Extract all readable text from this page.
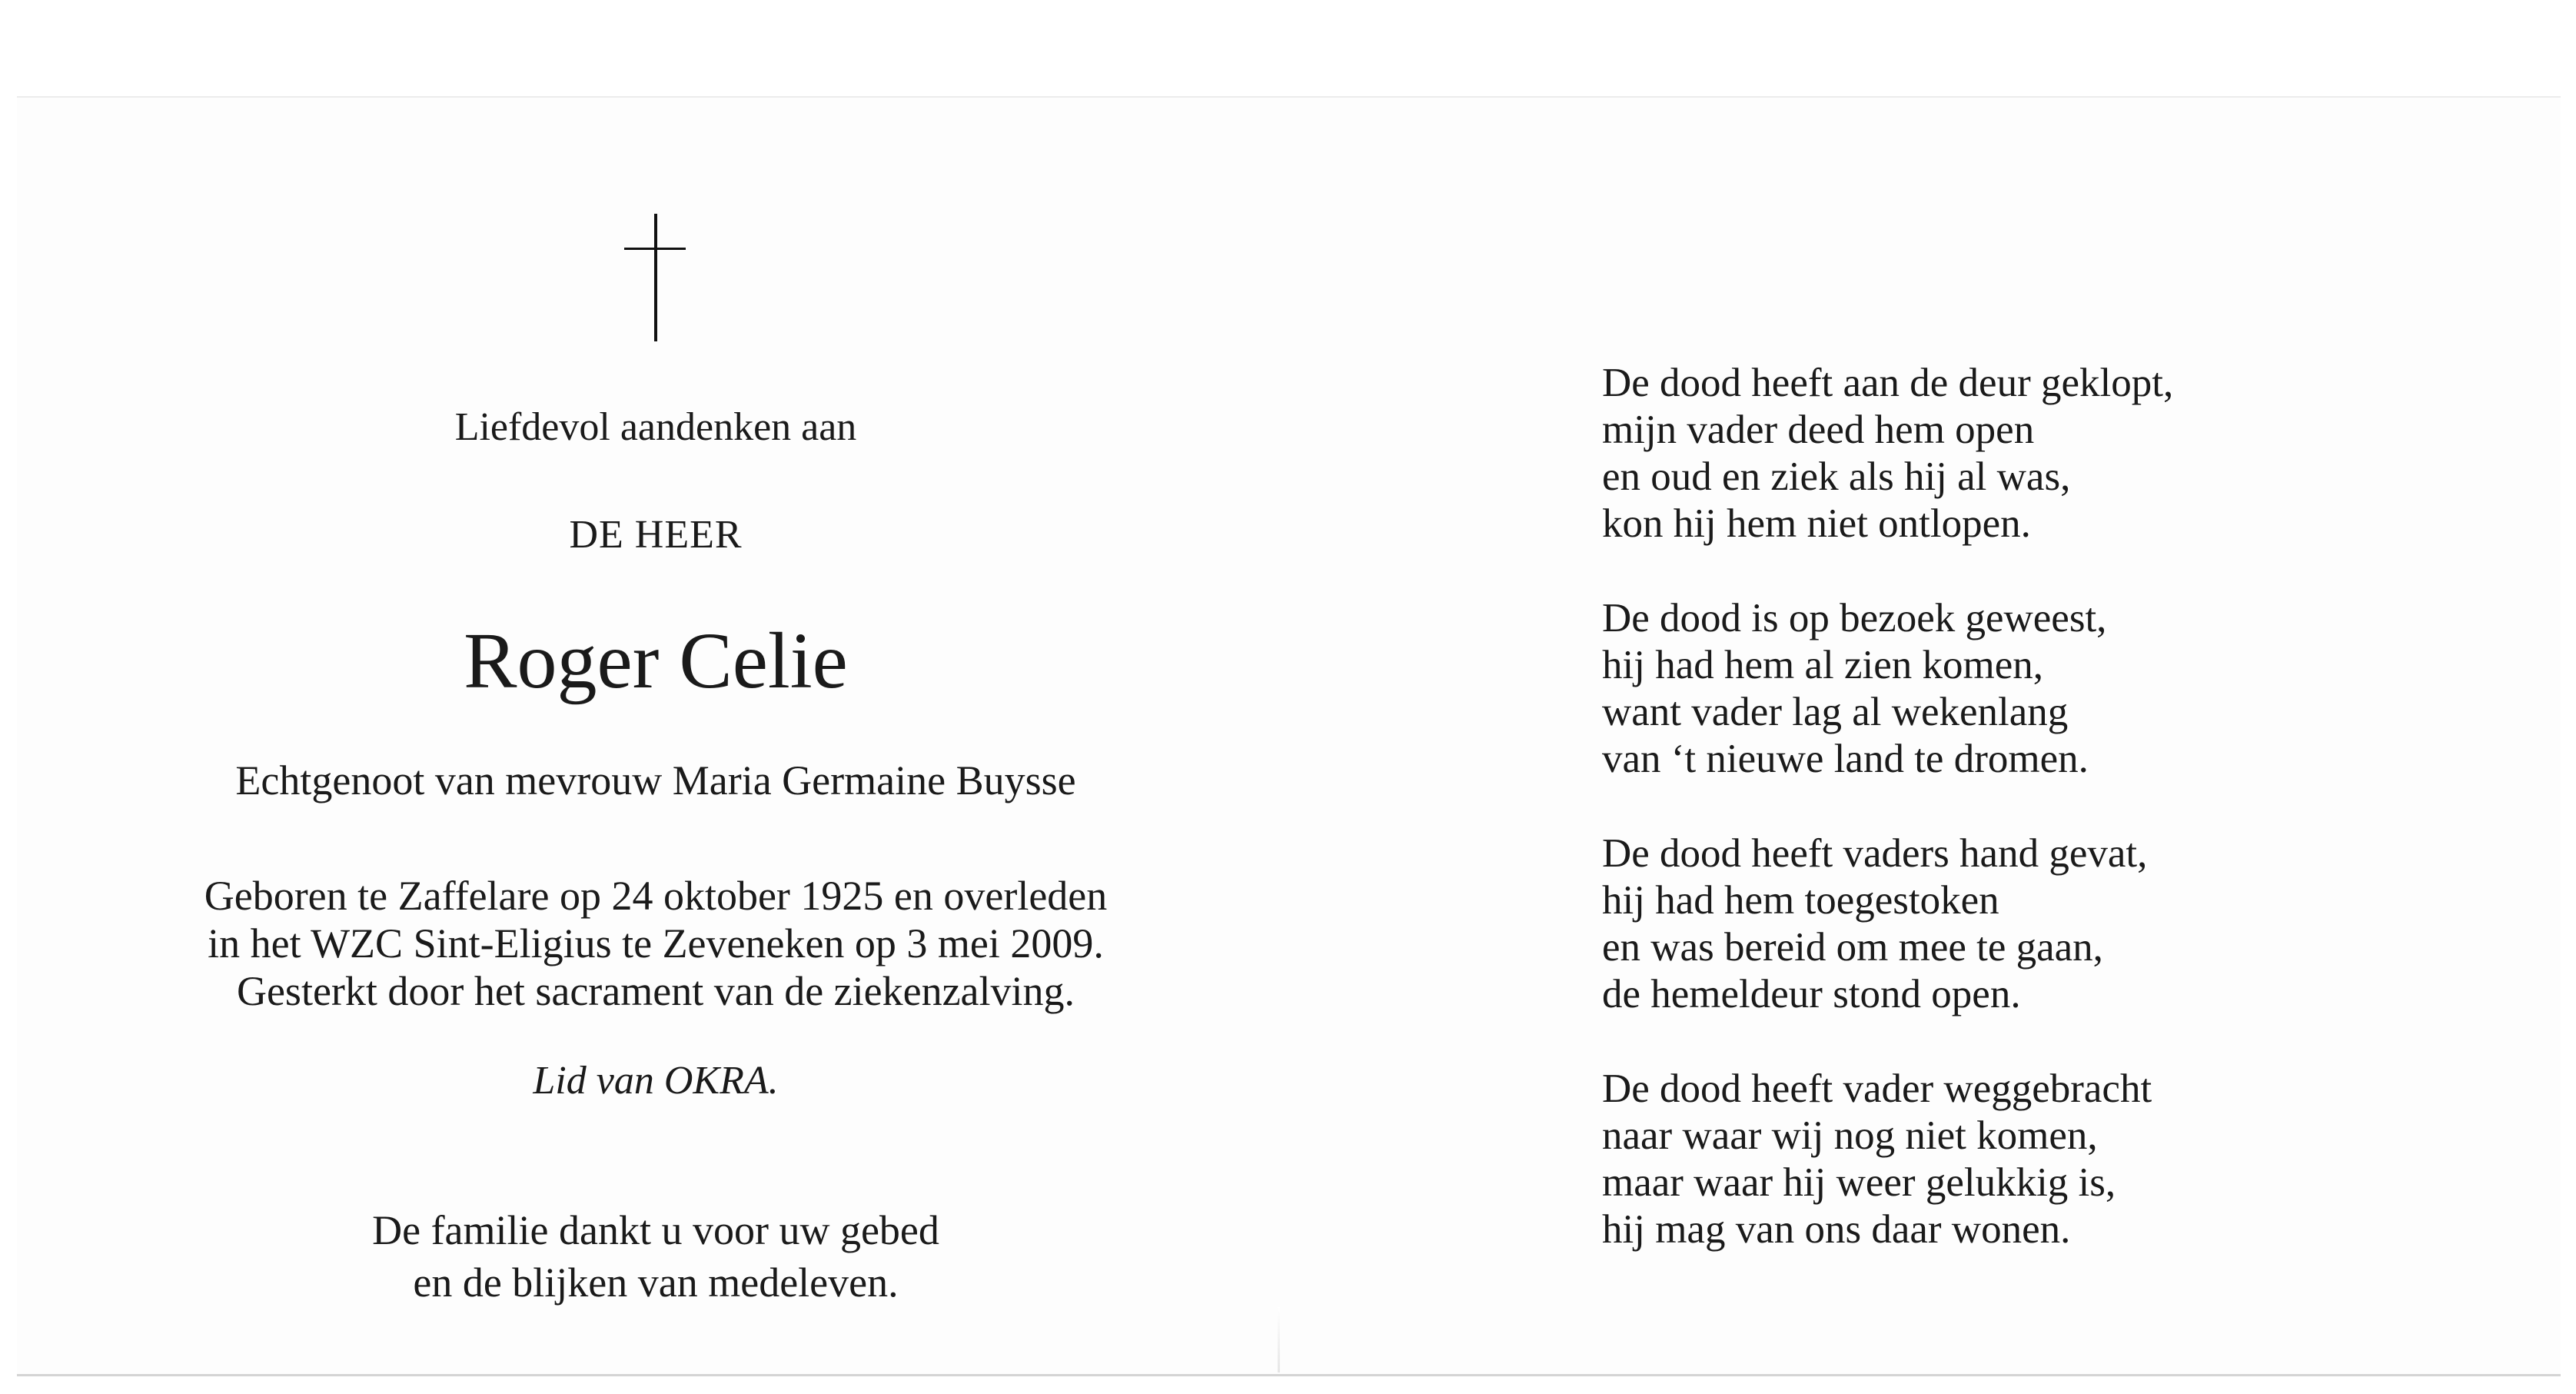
Liefdevol aandenken aan
DE HEER
Roger Celie
Echtgenoot van mevrouw Maria Germaine Buysse
Geboren te Zaffelare op 24 oktober 1925 en overleden
in het WZC Sint-Eligius te Zeveneken op 3 mei 2009.
Gesterkt door het sacrament van de ziekenzalving.
Lid van OKRA.
De familie dankt u voor uw gebed
en de blijken van medeleven.
De dood heeft aan de deur geklopt,
mijn vader deed hem open
en oud en ziek als hij al was,
kon hij hem niet ontlopen.
De dood is op bezoek geweest,
hij had hem al zien komen,
want vader lag al wekenlang
van ‘t nieuwe land te dromen.
De dood heeft vaders hand gevat,
hij had hem toegestoken
en was bereid om mee te gaan,
de hemeldeur stond open.
De dood heeft vader weggebracht
naar waar wij nog niet komen,
maar waar hij weer gelukkig is,
hij mag van ons daar wonen.
